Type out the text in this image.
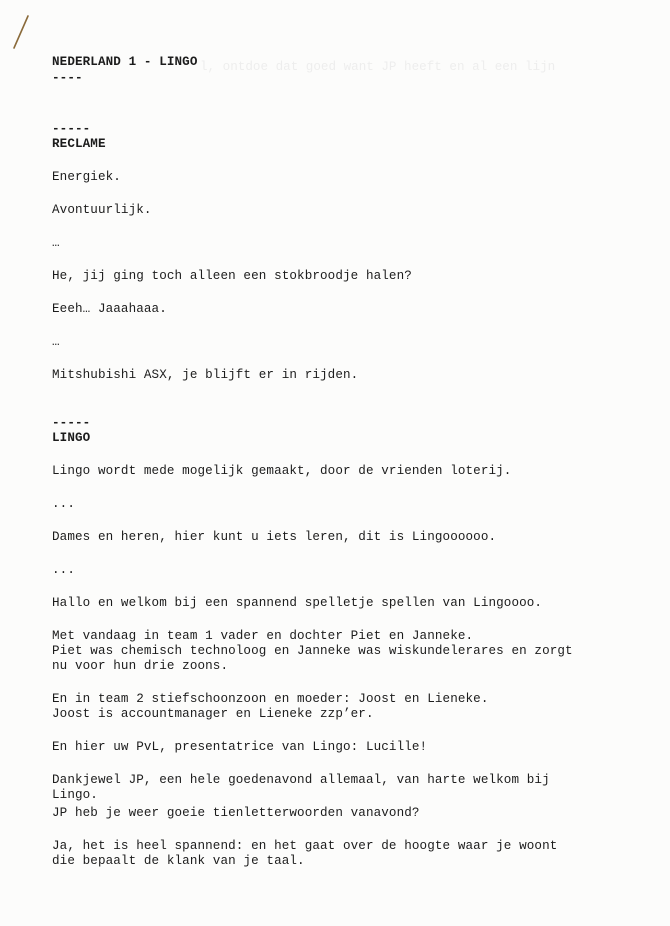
l, ontdoe dat goed want JP heeft en al een lijn
NEDERLAND 1 - LINGO
----
-----
RECLAME
Energiek.
Avontuurlijk.
…
He, jij ging toch alleen een stokbroodje halen?
Eeeh… Jaaahaaa.
…
Mitshubishi ASX, je blijft er in rijden.
-----
LINGO
Lingo wordt mede mogelijk gemaakt, door de vrienden loterij.
...
Dames en heren, hier kunt u iets leren, dit is Lingoooooo.
...
Hallo en welkom bij een spannend spelletje spellen van Lingoooo.
Met vandaag in team 1 vader en dochter Piet en Janneke.
Piet was chemisch technoloog en Janneke was wiskundelerares en zorgt
nu voor hun drie zoons.
En in team 2 stiefschoonzoon en moeder: Joost en Lieneke.
Joost is accountmanager en Lieneke zzp’er.
En hier uw PvL, presentatrice van Lingo: Lucille!
Dankjewel JP, een hele goedenavond allemaal, van harte welkom bij
Lingo.
JP heb je weer goeie tienletterwoorden vanavond?
Ja, het is heel spannend: en het gaat over de hoogte waar je woont
die bepaalt de klank van je taal.
